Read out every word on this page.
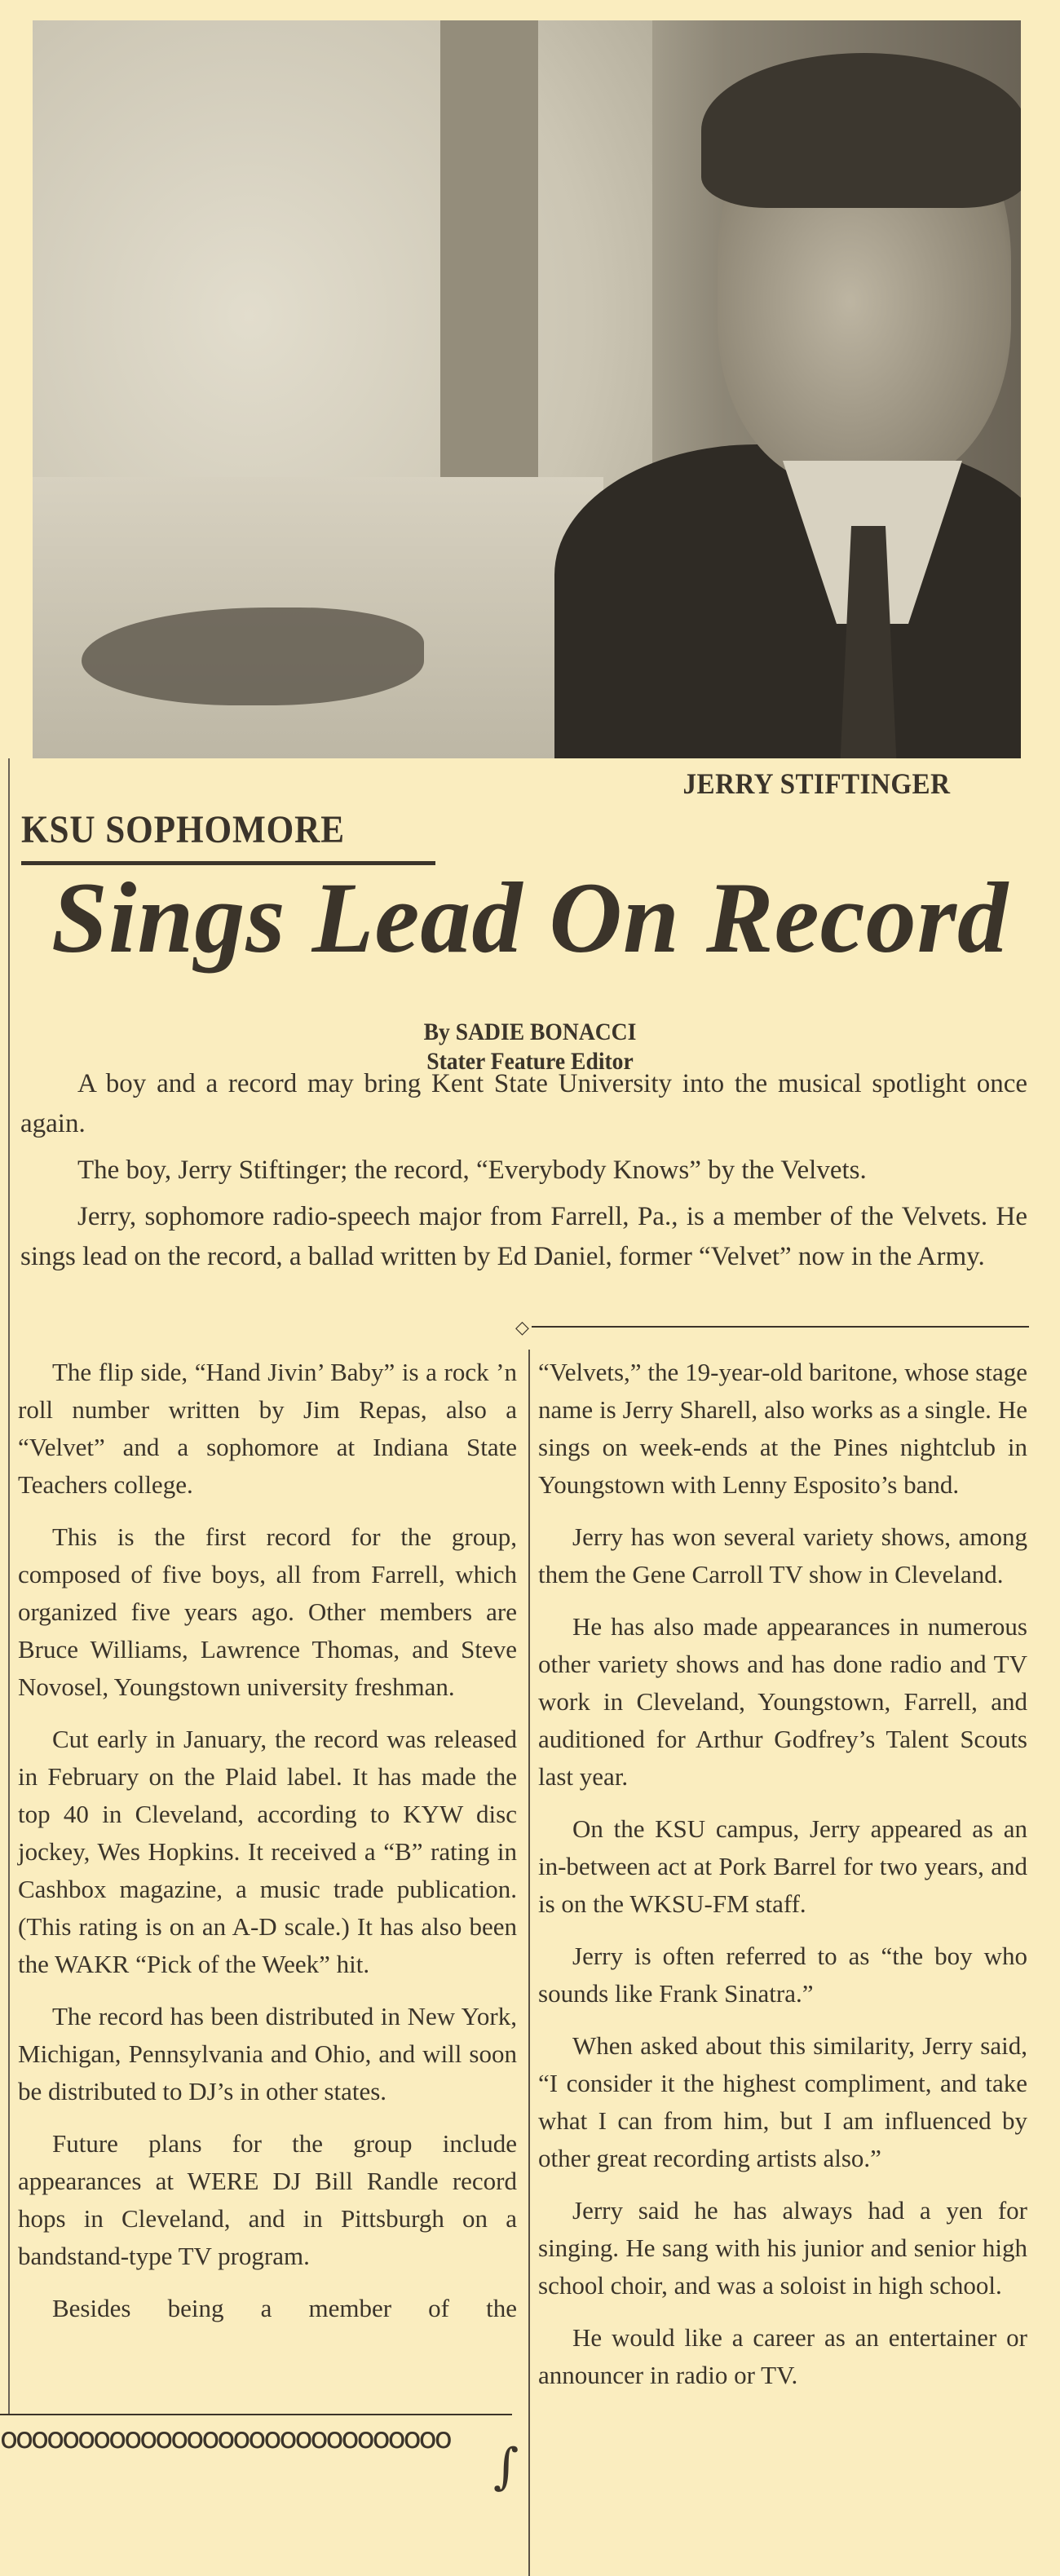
JERRY STIFTINGER
KSU SOPHOMORE
Sings Lead On Record
By SADIE BONACCI
Stater Feature Editor

A boy and a record may bring Kent State University into the musical spotlight once again.

The boy, Jerry Stiftinger; the record, “Everybody Knows” by the Velvets.

Jerry, sophomore radio-speech major from Farrell, Pa., is a member of the Velvets. He sings lead on the record, a ballad written by Ed Daniel, former “Velvet” now in the Army.

◇

The flip side, “Hand Jivin’ Baby” is a rock ’n roll number written by Jim Repas, also a “Velvet” and a sophomore at Indiana State Teachers college.

This is the first record for the group, composed of five boys, all from Farrell, which organized five years ago. Other members are Bruce Williams, Lawrence Thomas, and Steve Novosel, Youngstown university freshman.

Cut early in January, the record was released in February on the Plaid label. It has made the top 40 in Cleveland, according to KYW disc jockey, Wes Hopkins. It received a “B” rating in Cashbox magazine, a music trade publication. (This rating is on an A-D scale.) It has also been the WAKR “Pick of the Week” hit.

The record has been distributed in New York, Michigan, Pennsylvania and Ohio, and will soon be distributed to DJ’s in other states.

Future plans for the group include appearances at WERE DJ Bill Randle record hops in Cleveland, and in Pittsburgh on a bandstand-type TV program.

Besides being a member of the

“Velvets,” the 19-year-old baritone, whose stage name is Jerry Sharell, also works as a single. He sings on week-ends at the Pines nightclub in Youngstown with Lenny Esposito’s band.

Jerry has won several variety shows, among them the Gene Carroll TV show in Cleveland.

He has also made appearances in numerous other variety shows and has done radio and TV work in Cleveland, Youngstown, Farrell, and auditioned for Arthur Godfrey’s Talent Scouts last year.

On the KSU campus, Jerry appeared as an in-between act at Pork Barrel for two years, and is on the WKSU-FM staff.

Jerry is often referred to as “the boy who sounds like Frank Sinatra.”

When asked about this similarity, Jerry said, “I consider it the highest compliment, and take what I can from him, but I am influenced by other great recording artists also.”

Jerry said he has always had a yen for singing. He sang with his junior and senior high school choir, and was a soloist in high school.

He would like a career as an entertainer or announcer in radio or TV.

ᴏᴏᴏᴏᴏᴏᴏᴏᴏᴏᴏᴏᴏᴏᴏᴏᴏᴏᴏᴏᴏᴏᴏᴏᴏᴏᴏᴏᴏ ∫
